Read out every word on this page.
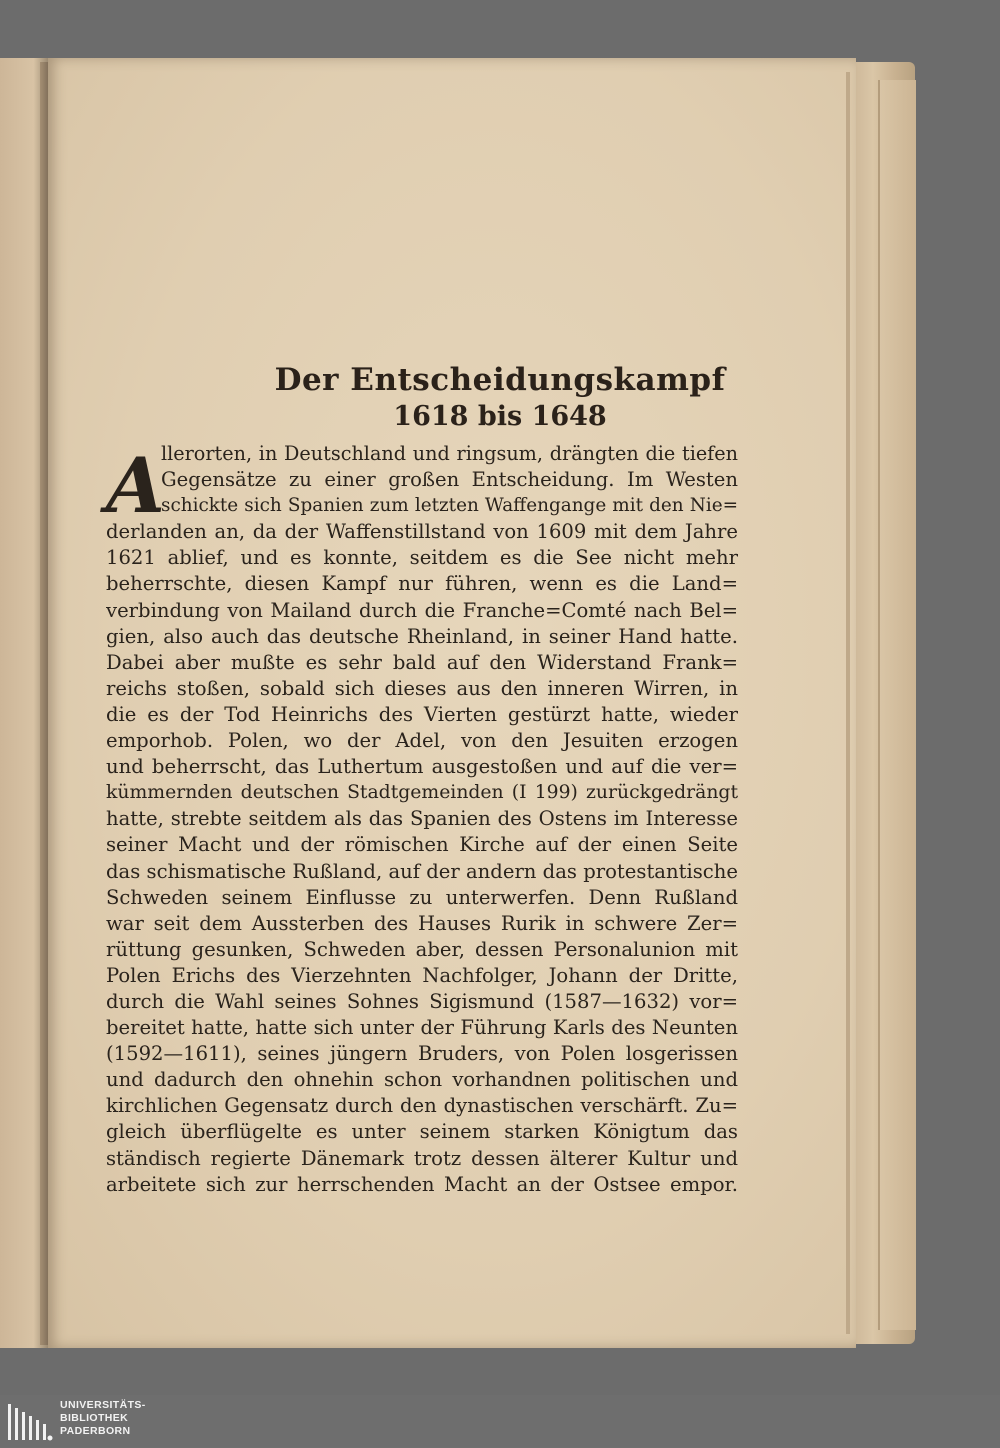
Der Entscheidungskampf
1618 bis 1648
A
llerorten, in Deutschland und ringsum, drängten die tiefen
Gegensätze zu einer großen Entscheidung. Im Westen
schickte sich Spanien zum letzten Waffengange mit den Nie=
derlanden an, da der Waffenstillstand von 1609 mit dem Jahre
1621 ablief, und es konnte, seitdem es die See nicht mehr
beherrschte, diesen Kampf nur führen, wenn es die Land=
verbindung von Mailand durch die Franche=Comté nach Bel=
gien, also auch das deutsche Rheinland, in seiner Hand hatte.
Dabei aber mußte es sehr bald auf den Widerstand Frank=
reichs stoßen, sobald sich dieses aus den inneren Wirren, in
die es der Tod Heinrichs des Vierten gestürzt hatte, wieder
emporhob. Polen, wo der Adel, von den Jesuiten erzogen
und beherrscht, das Luthertum ausgestoßen und auf die ver=
kümmernden deutschen Stadtgemeinden (I 199) zurückgedrängt
hatte, strebte seitdem als das Spanien des Ostens im Interesse
seiner Macht und der römischen Kirche auf der einen Seite
das schismatische Rußland, auf der andern das protestantische
Schweden seinem Einflusse zu unterwerfen. Denn Rußland
war seit dem Aussterben des Hauses Rurik in schwere Zer=
rüttung gesunken, Schweden aber, dessen Personalunion mit
Polen Erichs des Vierzehnten Nachfolger, Johann der Dritte,
durch die Wahl seines Sohnes Sigismund (1587—1632) vor=
bereitet hatte, hatte sich unter der Führung Karls des Neunten
(1592—1611), seines jüngern Bruders, von Polen losgerissen
und dadurch den ohnehin schon vorhandnen politischen und
kirchlichen Gegensatz durch den dynastischen verschärft. Zu=
gleich überflügelte es unter seinem starken Königtum das
ständisch regierte Dänemark trotz dessen älterer Kultur und
arbeitete sich zur herrschenden Macht an der Ostsee empor.
UNIVERSITÄTS-
BIBLIOTHEK
PADERBORN
